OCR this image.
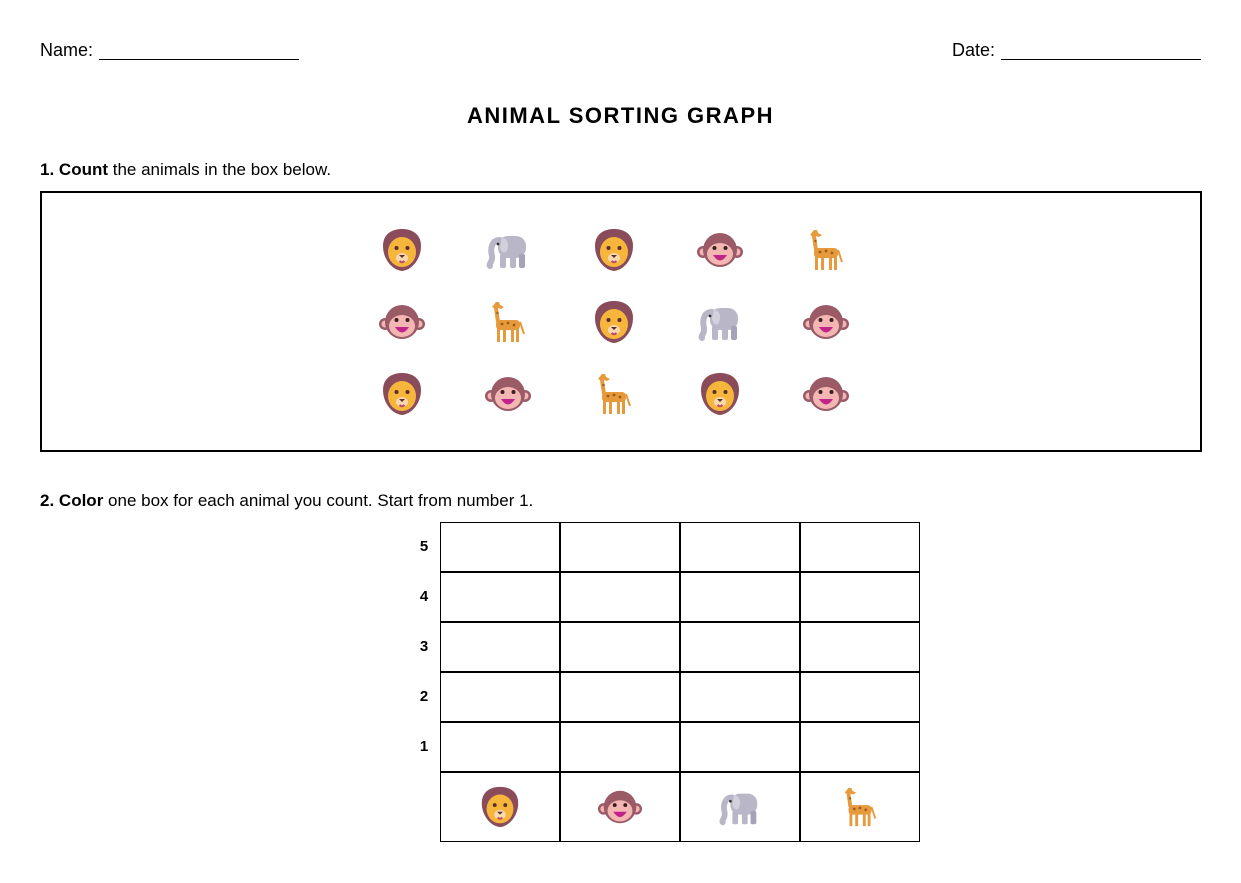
Name:	Date:
ANIMAL SORTING GRAPH
1. Count the animals in the box below.
2. Color one box for each animal you count. Start from number 1.
5
4
3
2
1
